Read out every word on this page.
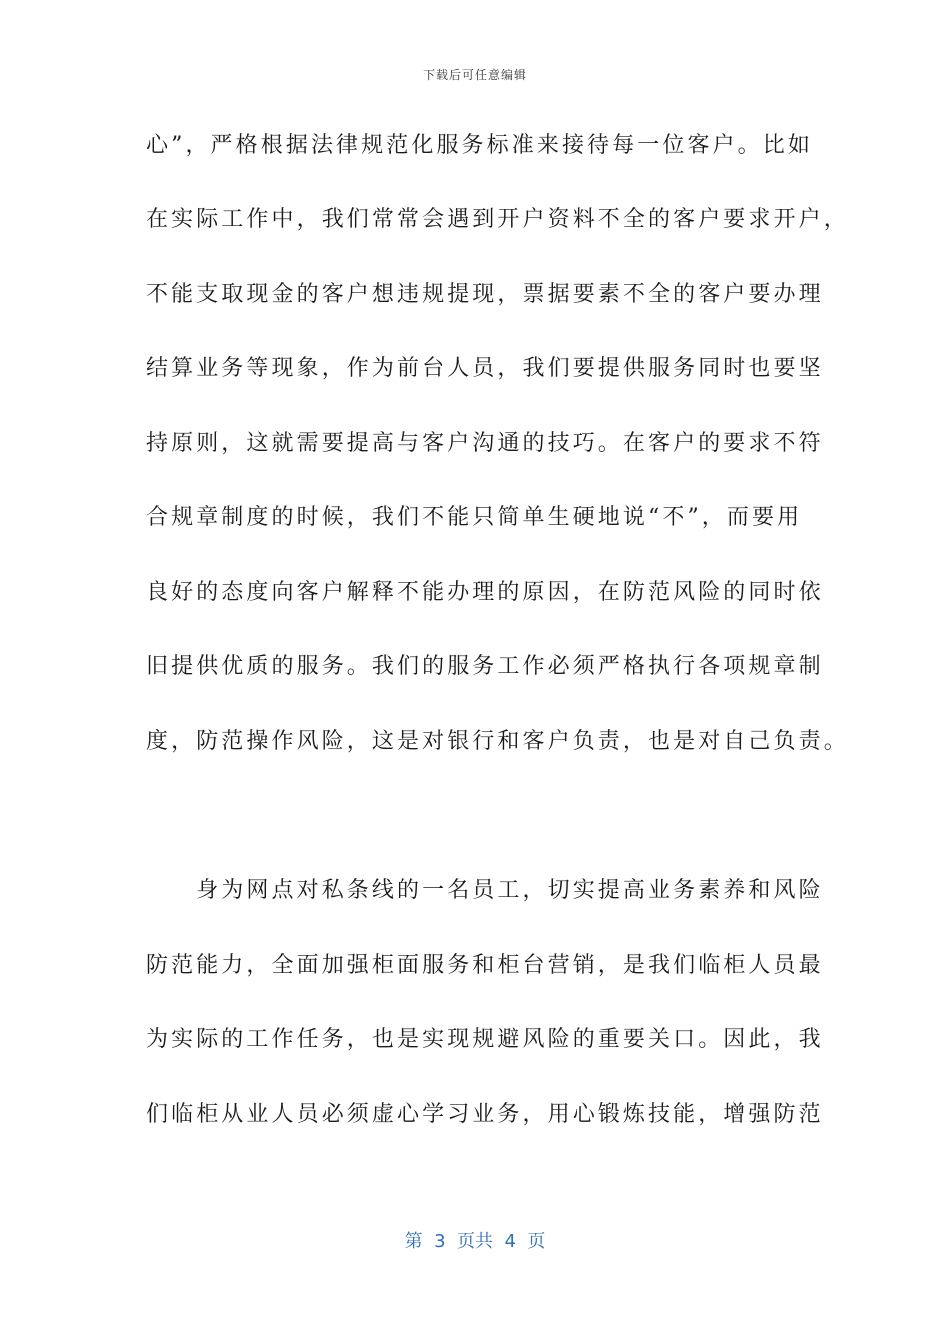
下载后可任意编辑
心”，严格根据法律规范化服务标准来接待每一位客户。比如
在实际工作中，我们常常会遇到开户资料不全的客户要求开户，
不能支取现金的客户想违规提现，票据要素不全的客户要办理
结算业务等现象，作为前台人员，我们要提供服务同时也要坚
持原则，这就需要提高与客户沟通的技巧。在客户的要求不符
合规章制度的时候，我们不能只简单生硬地说“不”，而要用
良好的态度向客户解释不能办理的原因，在防范风险的同时依
旧提供优质的服务。我们的服务工作必须严格执行各项规章制
度，防范操作风险，这是对银行和客户负责，也是对自己负责。
　　身为网点对私条线的一名员工，切实提高业务素养和风险
防范能力，全面加强柜面服务和柜台营销，是我们临柜人员最
为实际的工作任务，也是实现规避风险的重要关口。因此，我
们临柜从业人员必须虚心学习业务，用心锻炼技能，增强防范
第  3  页共  4  页
